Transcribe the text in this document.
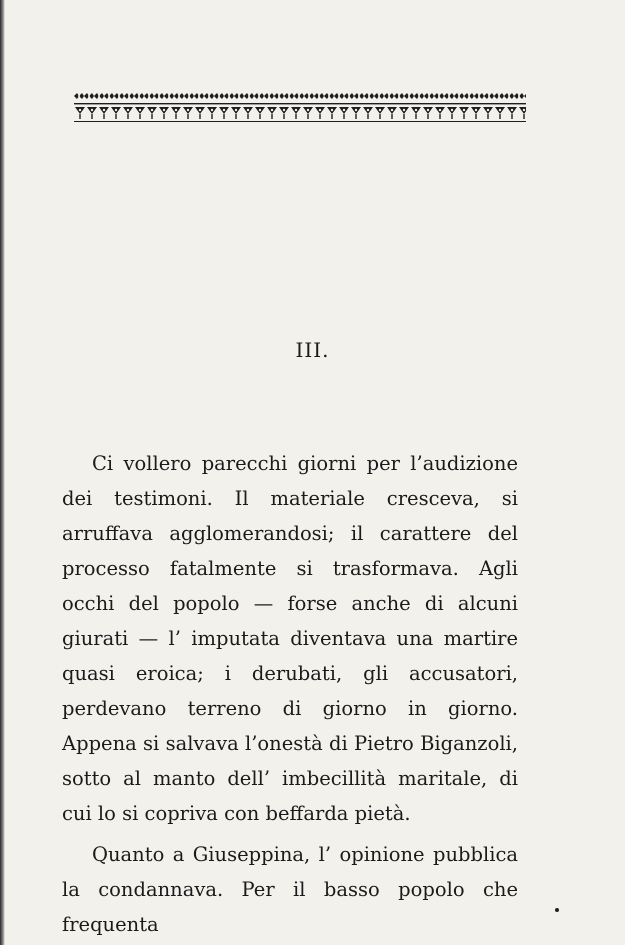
III.

Ci vollero parecchi giorni per l’audizione dei testimoni. Il materiale cresceva, si arruffava agglomerandosi; il carattere del processo fatalmente si trasformava. Agli occhi del popolo — forse anche di alcuni giurati — l’ imputata diventava una martire quasi eroica; i derubati, gli accusatori, perdevano terreno di giorno in giorno. Appena si salvava l’onestà di Pietro Biganzoli, sotto al manto dell’ imbecillità maritale, di cui lo si copriva con beffarda pietà.

Quanto a Giuseppina, l’ opinione pubblica la condannava. Per il basso popolo che frequenta
